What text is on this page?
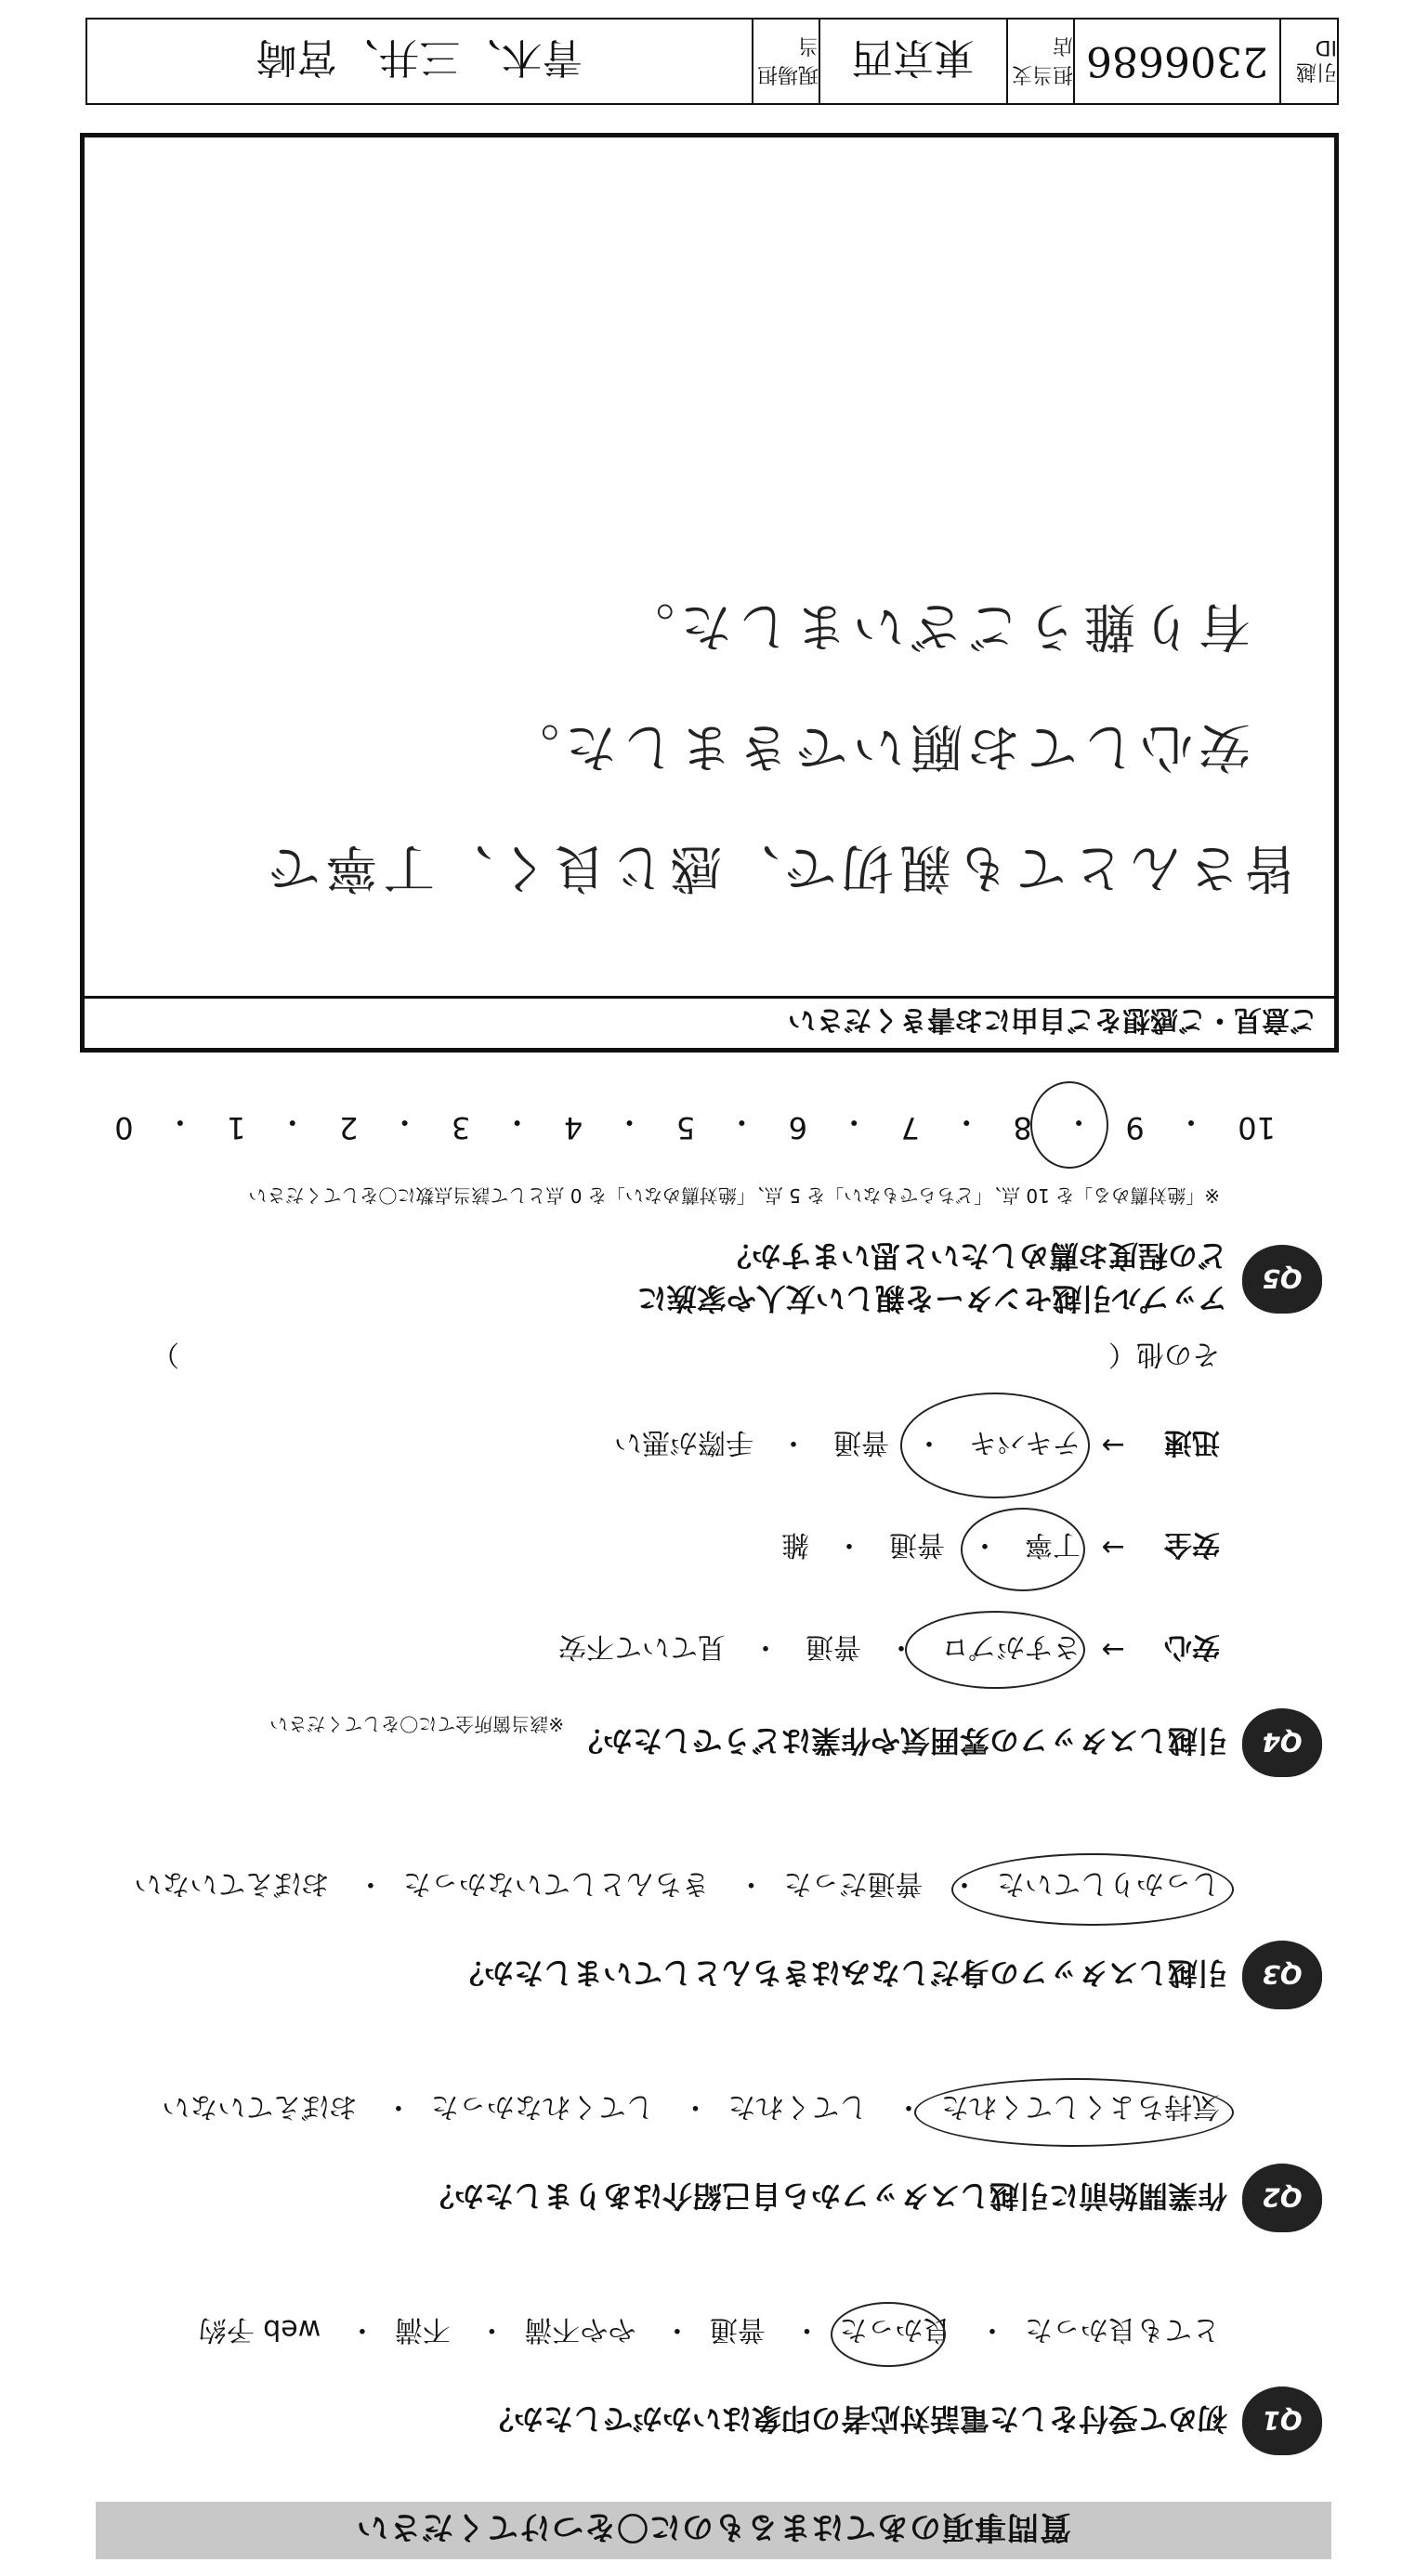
質問事項のあてはまるものに〇をつけてください
Q1
初めて受付をした電話対応者の印象はいかがでしたか？
とても良かった・ 良かった・ 普通・ やや不満・ 不満・ web 予約
Q2
作業開始前に引越しスタッフから自己紹介はありましたか？
気持ちよくしてくれた・ してくれた・ してくれなかった・ おぼえていない
Q3
引越しスタッフの身だしなみはきちんとしていましたか？
しっかりしていた・ 普通だった・ きちんとしていなかった・ おぼえていない
Q4
引越しスタッフの雰囲気や作業はどうでしたか？
※該当箇所全てに〇をしてください
安心
→
さすがプロ
・
普通
・
見ていて不安
安全
→
丁寧
・
普通
・
雑
迅速
→
テキパキ
・
普通
・
手際が悪い
その他（
）
Q5
アップル引越センターを親しい友人や家族に
どの程度お薦めしたいと思いますか？
※「絶対薦める」を 10 点、「どちらでもない」を 5 点、「絶対薦めない」を 0 点として該当点数に〇をしてください
10
・
9
・
8
・
7
・
6
・
5
・
4
・
3
・
2
・
1
・
0
ご意見・ご感想をご自由にお書きください
皆さんとても親切で、感じ良く、丁寧で
安心してお願いできました。
有り難うございました。
引越ID
2306686
担当支店
東京西
現場担当
青木、三井、宮崎
